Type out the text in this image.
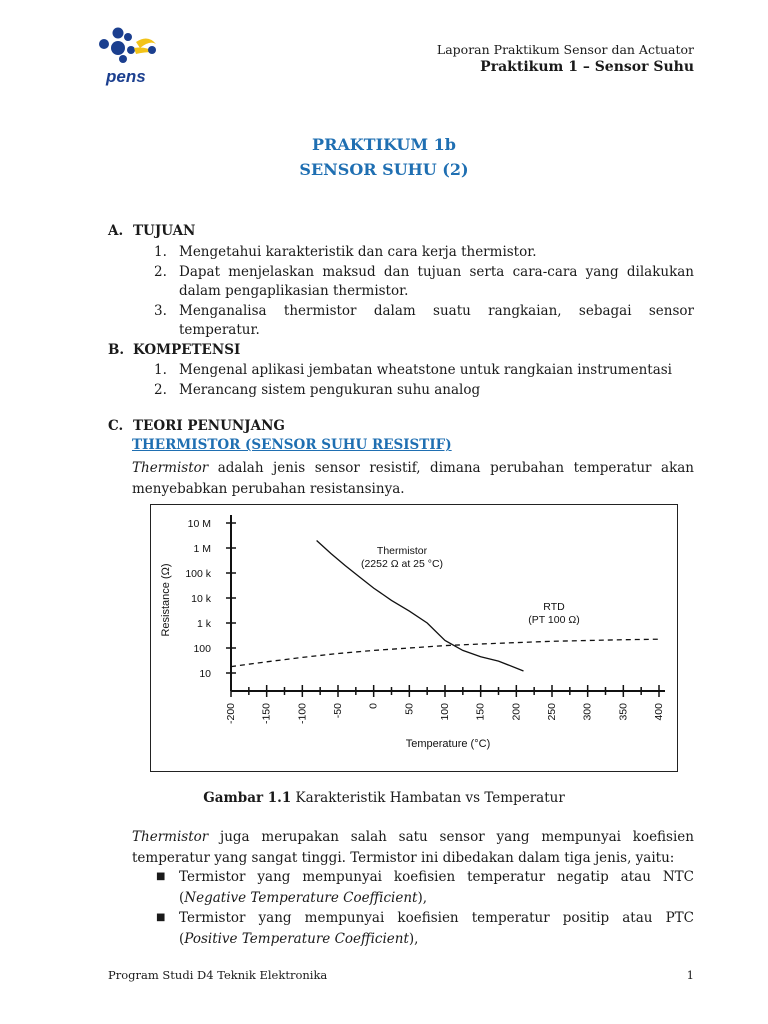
pens
Laporan Praktikum Sensor dan Actuator
Praktikum 1 – Sensor Suhu
PRAKTIKUM 1b
SENSOR SUHU (2)
A. TUJUAN
1. Mengetahui karakteristik dan cara kerja thermistor.
2. Dapat menjelaskan maksud dan tujuan serta cara-cara yang dilakukan dalam pengaplikasian thermistor.
3. Menganalisa thermistor dalam suatu rangkaian, sebagai sensor temperatur.
B. KOMPETENSI
1. Mengenal aplikasi jembatan wheatstone untuk rangkaian instrumentasi
2. Merancang sistem pengukuran suhu analog
C. TEORI PENUNJANG
THERMISTOR (SENSOR SUHU RESISTIF)
Thermistor adalah jenis sensor resistif, dimana perubahan temperatur akan menyebabkan perubahan resistansinya.
10 M
1 M
100 k
10 k
1 k
100
10
-200 -150 -100 -50 0 50 100 150 200 250 300 350 400
Thermistor
(2252 Ω at 25 °C)
RTD
(PT 100 Ω)
Temperature (°C)
Resistance (Ω)
Gambar 1.1 Karakteristik Hambatan vs Temperatur
Thermistor juga merupakan salah satu sensor yang mempunyai koefisien temperatur yang sangat tinggi. Termistor ini dibedakan dalam tiga jenis, yaitu:
■ Termistor yang mempunyai koefisien temperatur negatip atau NTC (Negative Temperature Coefficient),
■ Termistor yang mempunyai koefisien temperatur positip atau PTC (Positive Temperature Coefficient),
Program Studi D4 Teknik Elektronika	1
